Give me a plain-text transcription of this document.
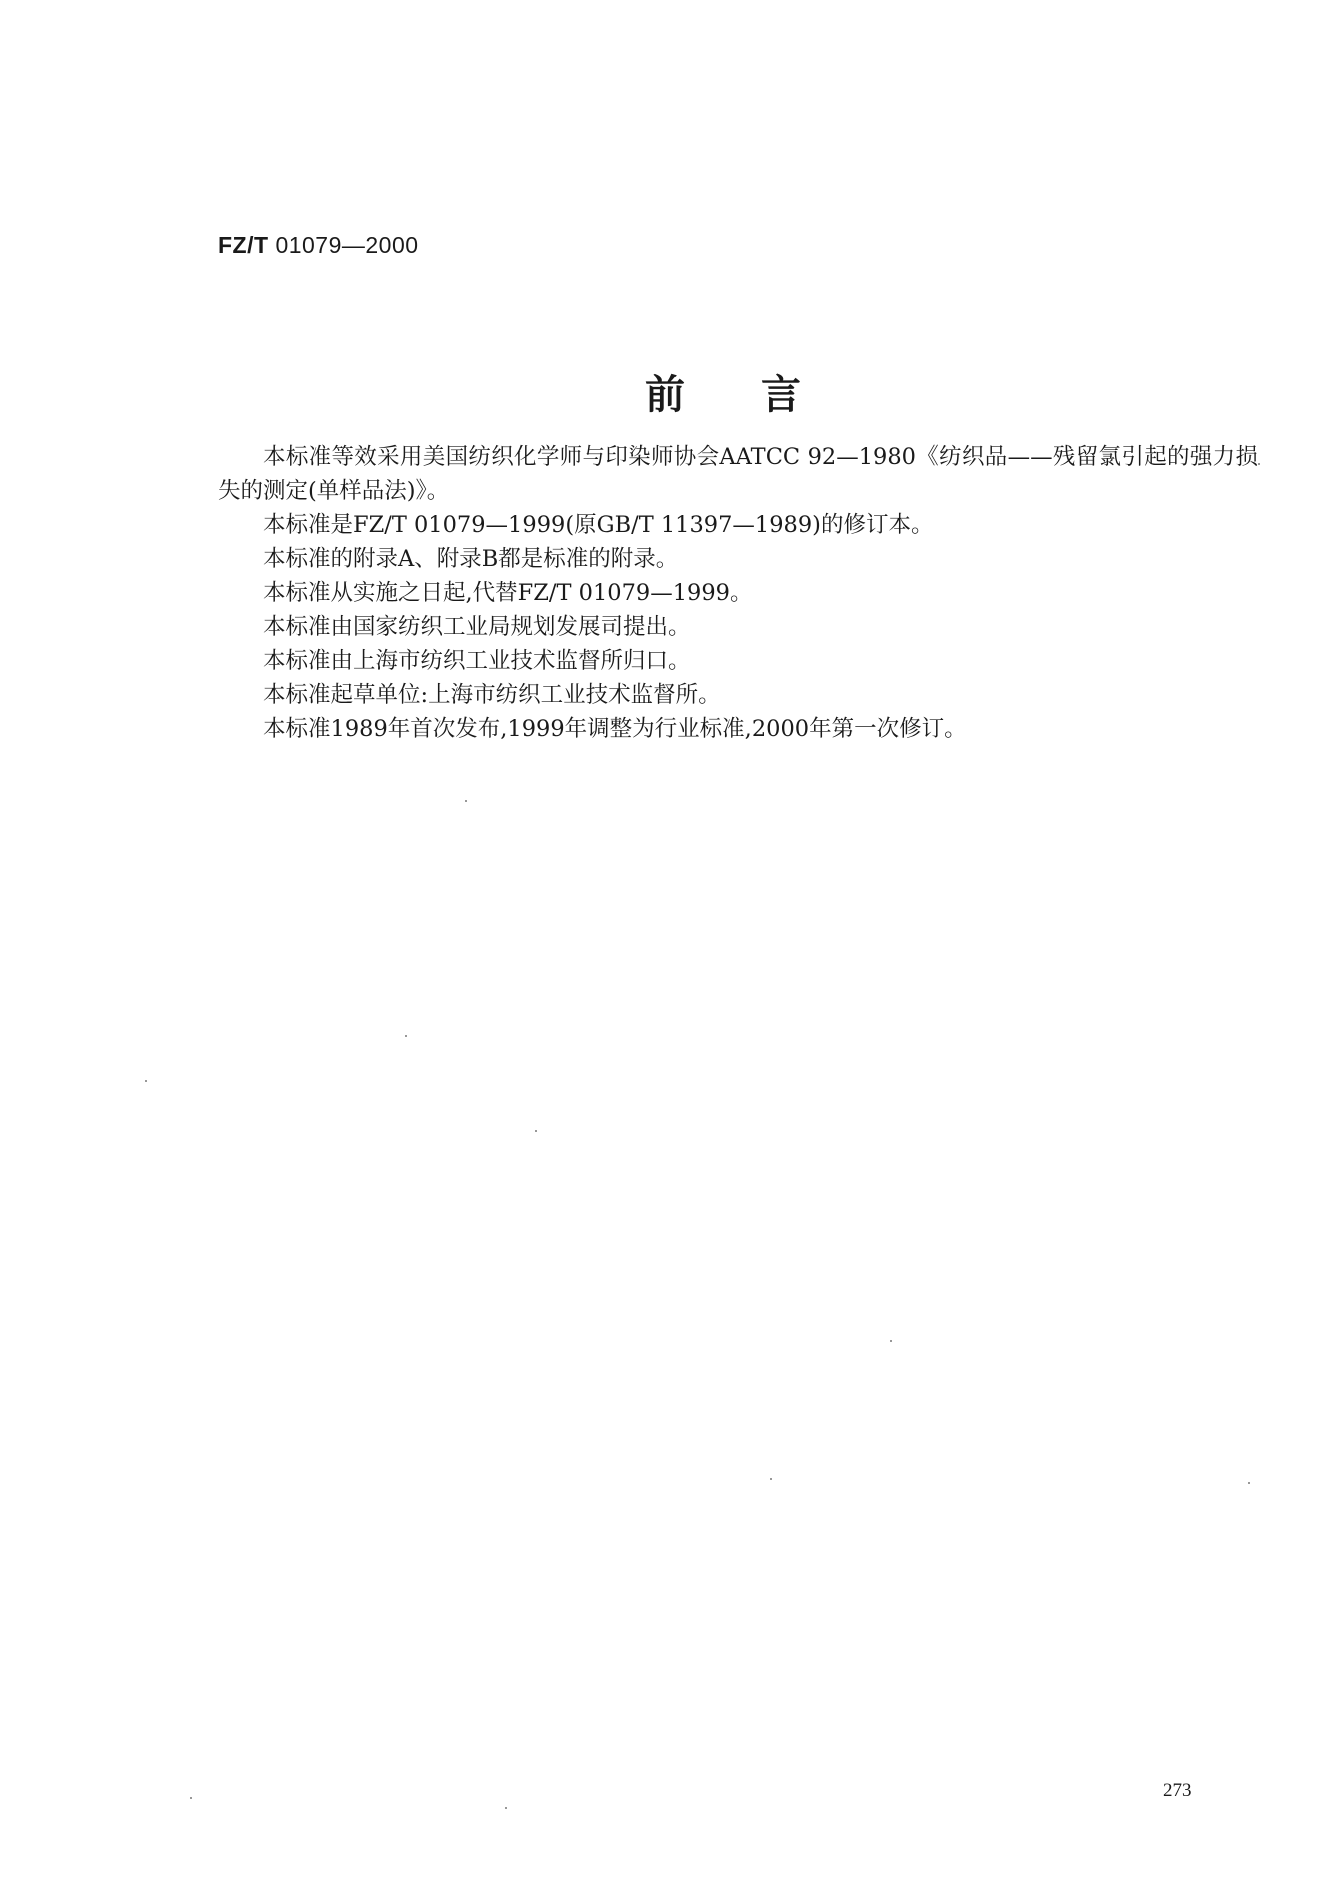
FZ/T 01079—2000
前言

本标准等效采用美国纺织化学师与印染师协会AATCC 92—1980《纺织品——残留氯引起的强力损失的测定(单样品法)》。

本标准是FZ/T 01079—1999(原GB/T 11397—1989)的修订本。

本标准的附录A、附录B都是标准的附录。

本标准从实施之日起,代替FZ/T 01079—1999。

本标准由国家纺织工业局规划发展司提出。

本标准由上海市纺织工业技术监督所归口。

本标准起草单位:上海市纺织工业技术监督所。

本标准1989年首次发布,1999年调整为行业标准,2000年第一次修订。

273
